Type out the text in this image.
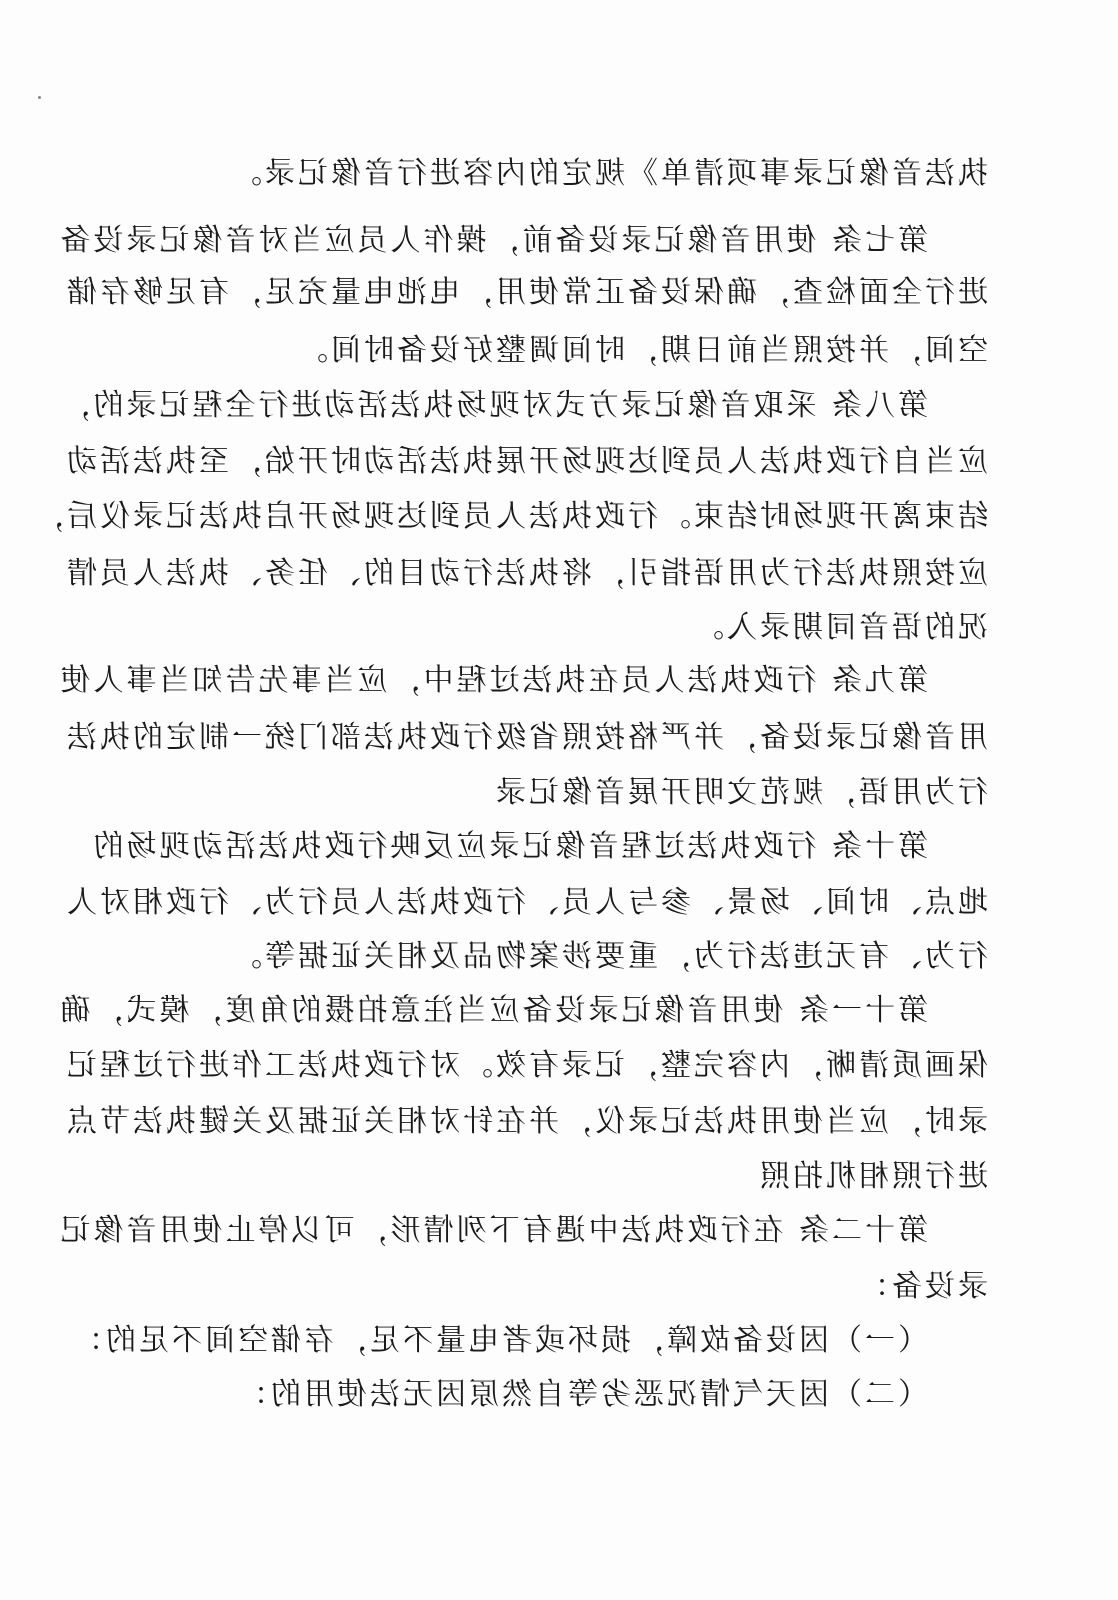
执法音像记录事项清单》规定的内容进行音像记录。
第七条 使用音像记录设备前，操作人员应当对音像记录设备
进行全面检查，确保设备正常使用，电池电量充足，有足够存储
空间，并按照当前日期，时间调整好设备时间。
第八条 采取音像记录方式对现场执法活动进行全程记录的，
应当自行政执法人员到达现场开展执法活动时开始，至执法活动
结束离开现场时结束。行政执法人员到达现场开启执法记录仪后，
应按照执法行为用语指引，将执法行动目的、任务、执法人员情
况的语音同期录入。
第九条 行政执法人员在执法过程中，应当事先告知当事人使
用音像记录设备，并严格按照省级行政执法部门统一制定的执法
行为用语，规范文明开展音像记录
第十条 行政执法过程音像记录应反映行政执法活动现场的
地点、时间、场景、参与人员、行政执法人员行为、行政相对人
行为、有无违法行为，重要涉案物品及相关证据等。
第十一条 使用音像记录设备应当注意拍摄的角度，模式，确
保画质清晰，内容完整，记录有效。对行政执法工作进行过程记
录时，应当使用执法记录仪，并在针对相关证据及关键执法节点
进行照相机拍照
第十二条 在行政执法中遇有下列情形，可以停止使用音像记
录设备：
（一）因设备故障，损坏或者电量不足，存储空间不足的：
（二）因天气情况恶劣等自然原因无法使用的：
